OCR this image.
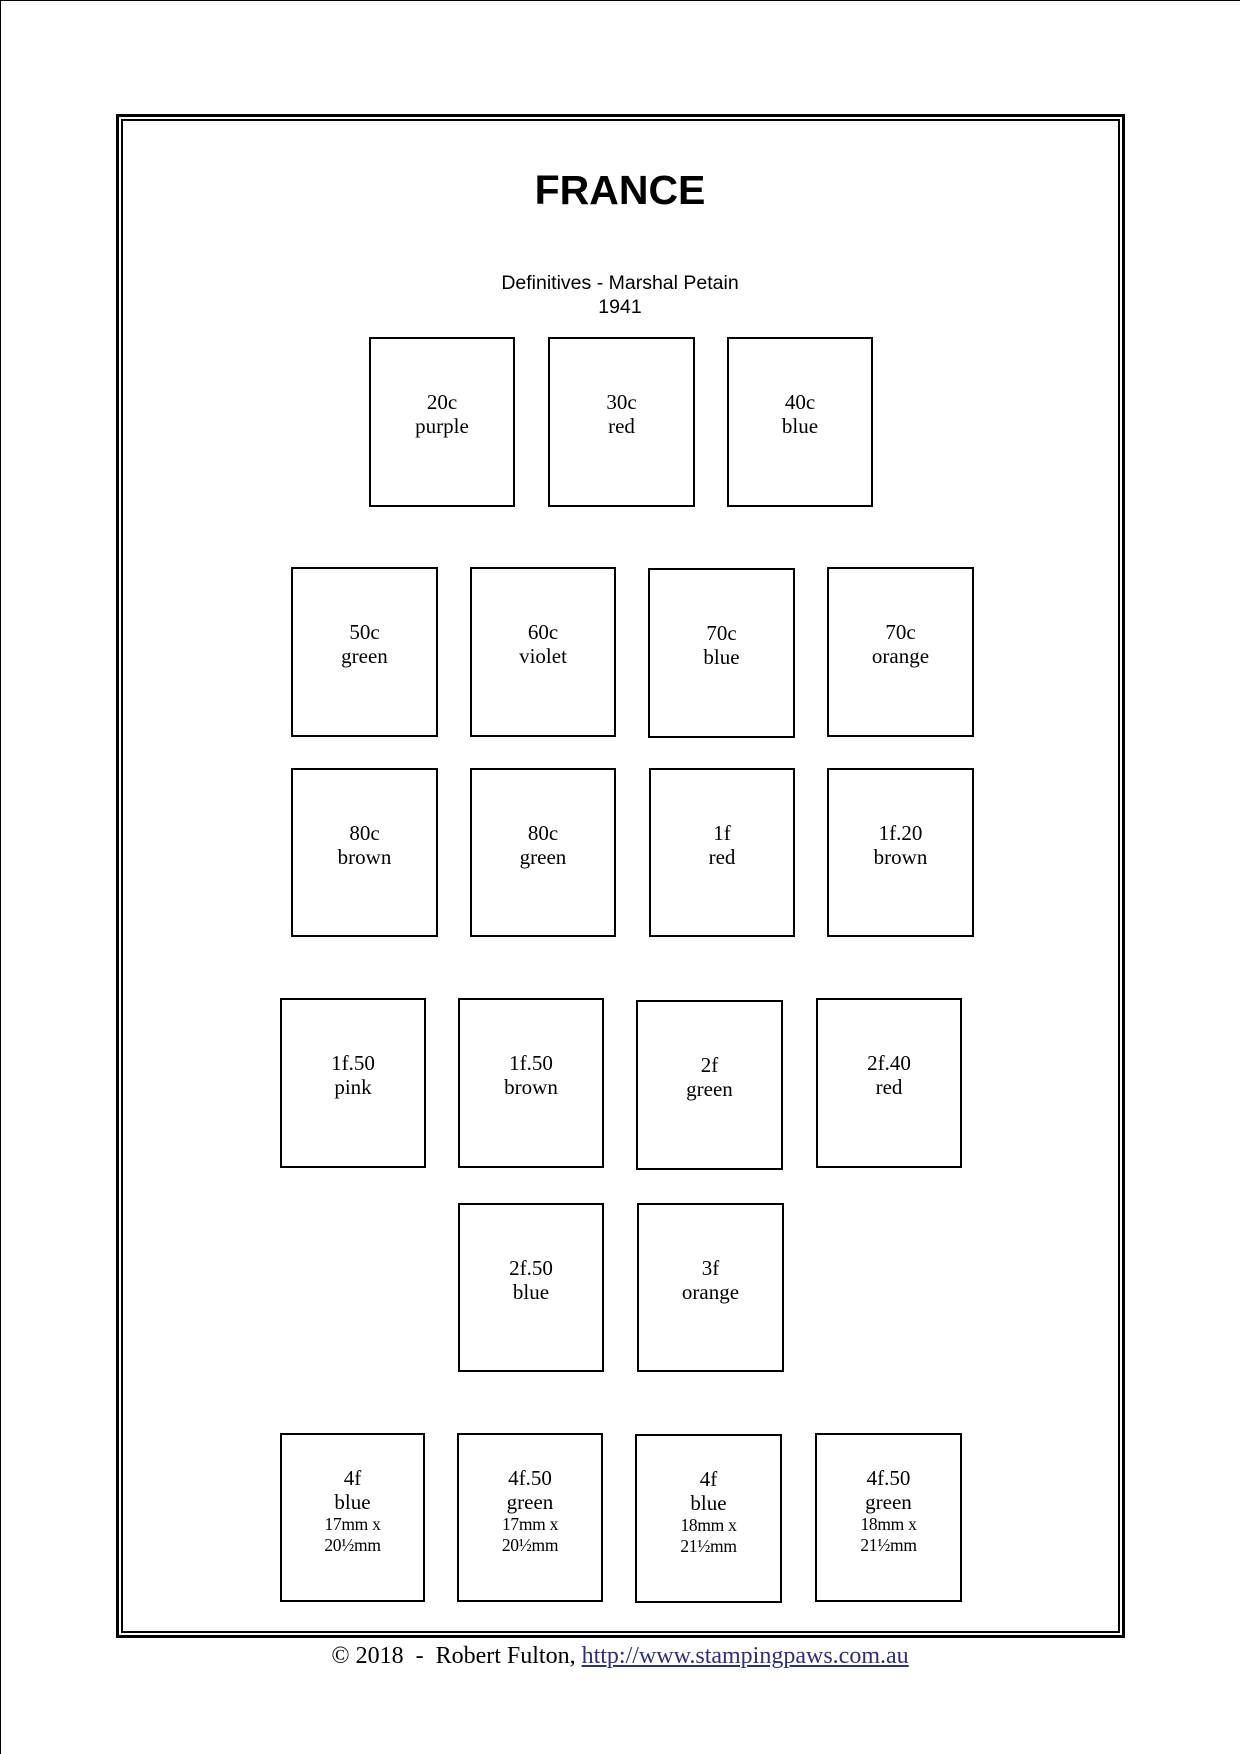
FRANCE
Definitives - Marshal Petain
1941
20c
purple
30c
red
40c
blue
50c
green
60c
violet
70c
blue
70c
orange
80c
brown
80c
green
1f
red
1f.20
brown
1f.50
pink
1f.50
brown
2f
green
2f.40
red
2f.50
blue
3f
orange
4f
blue
17mm x
20½mm
4f.50
green
17mm x
20½mm
4f
blue
18mm x
21½mm
4f.50
green
18mm x
21½mm
© 2018  -  Robert Fulton, http://www.stampingpaws.com.au
